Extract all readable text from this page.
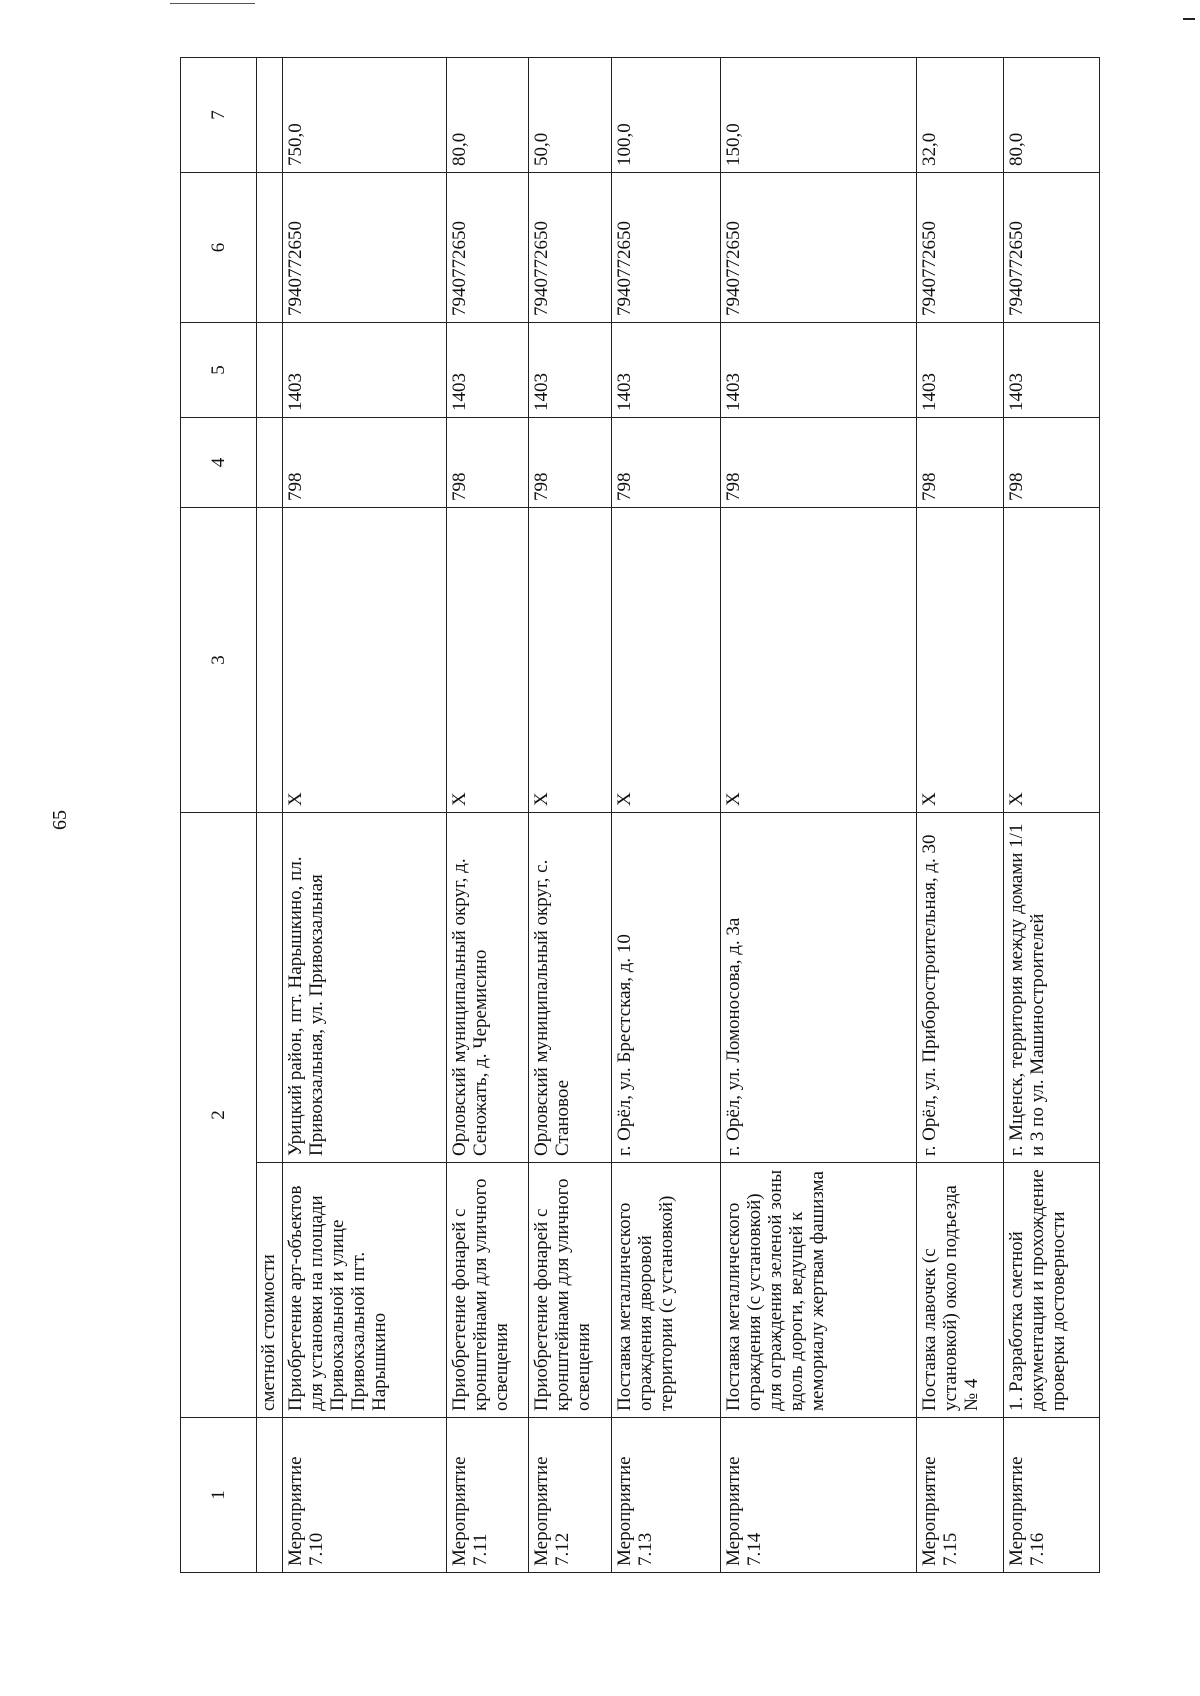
65
1	2		3	4	5	6	7
	сметной стоимости						
Мероприятие 7.10	Приобретение арт-объектов для установки на площади Привокзальной и улице Привокзальной пгт. Нарышкино	Урицкий район, пгт. Нарышкино, пл. Привокзальная, ул. Привокзальная	Х	798	1403	7940772650	750,0
Мероприятие 7.11	Приобретение фонарей с кронштейнами для уличного освещения	Орловский муниципальный округ, д. Сеножать, д. Черемисино	Х	798	1403	7940772650	80,0
Мероприятие 7.12	Приобретение фонарей с кронштейнами для уличного освещения	Орловский муниципальный округ, с. Становое	Х	798	1403	7940772650	50,0
Мероприятие 7.13	Поставка металлического ограждения дворовой территории (с установкой)	г. Орёл, ул. Брестская, д. 10	Х	798	1403	7940772650	100,0
Мероприятие 7.14	Поставка металлического ограждения (с установкой) для ограждения зеленой зоны вдоль дороги, ведущей к мемориалу жертвам фашизма	г. Орёл, ул. Ломоносова, д. 3а	Х	798	1403	7940772650	150,0
Мероприятие 7.15	Поставка лавочек (с установкой) около подъезда № 4	г. Орёл, ул. Приборостроительная, д. 30	Х	798	1403	7940772650	32,0
Мероприятие 7.16	1. Разработка сметной документации и прохождение проверки достоверности	г. Мценск, территория между домами 1/1 и 3 по ул. Машиностроителей	Х	798	1403	7940772650	80,0
